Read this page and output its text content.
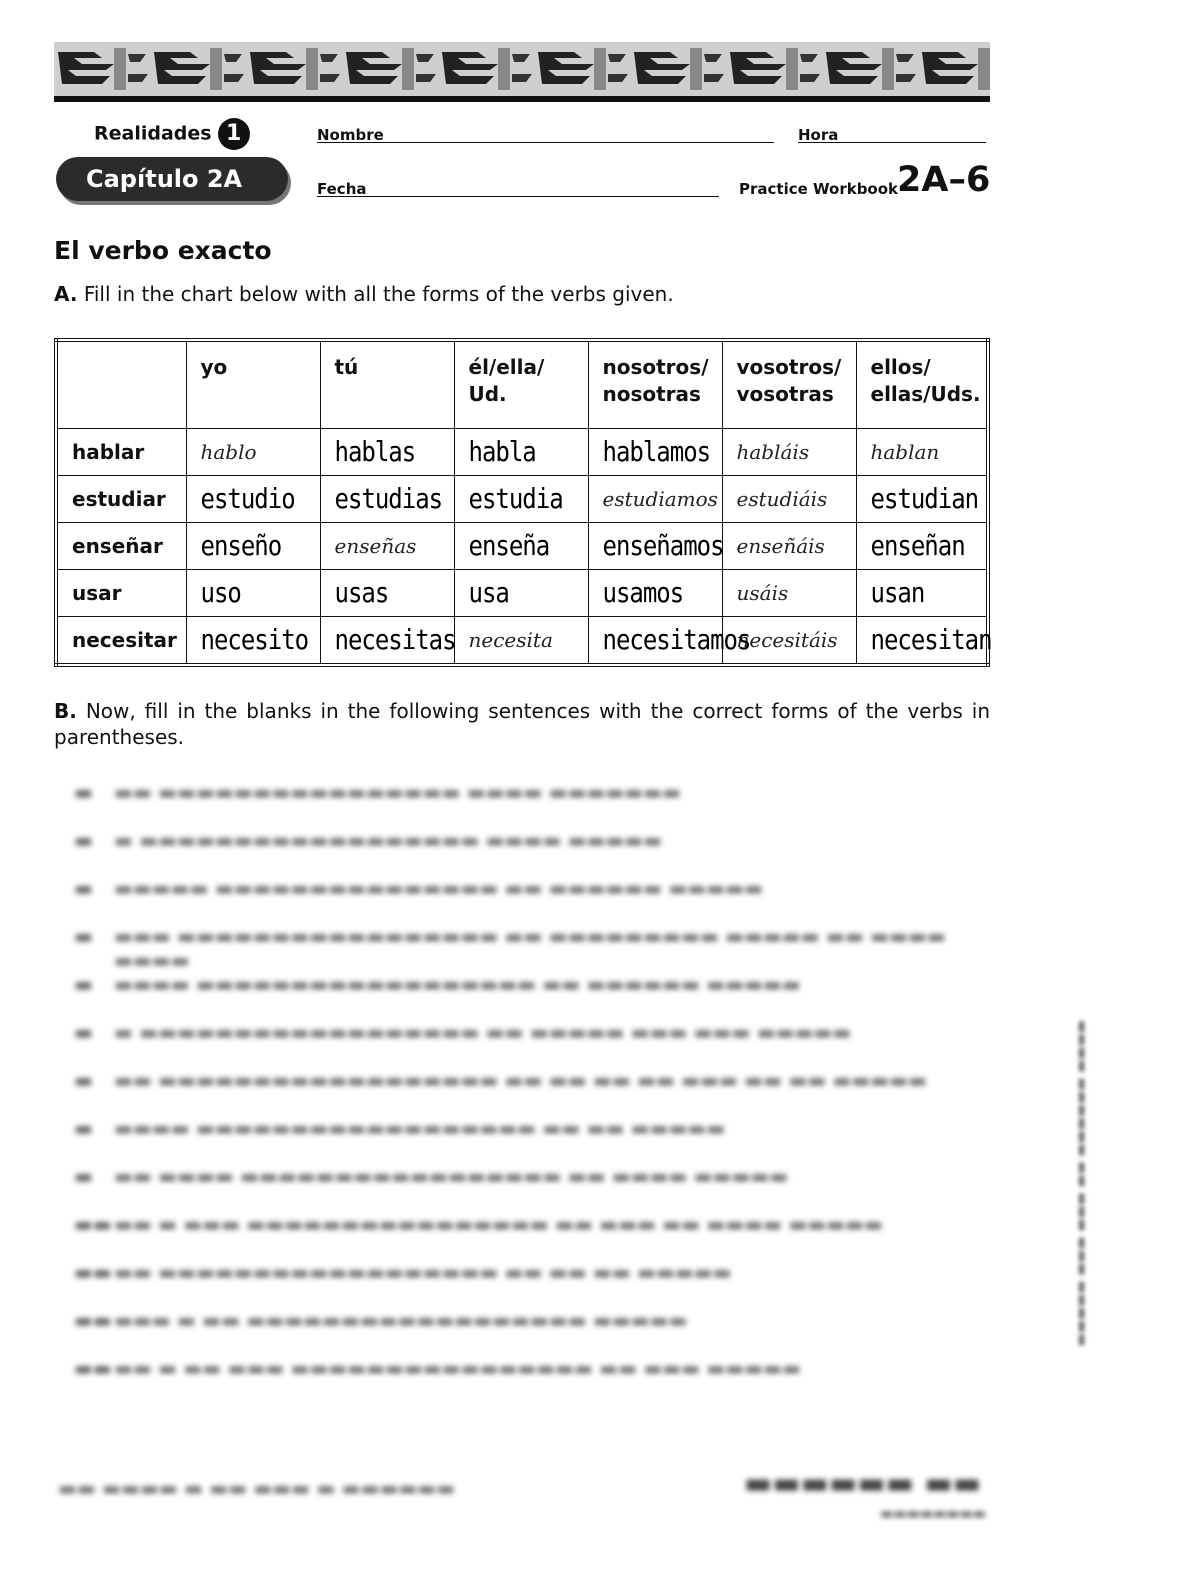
Realidades 1
Capítulo 2A
Nombre	Hora
Fecha	Practice Workbook
2A–6
El verbo exacto

A. Fill in the chart below with all the forms of the verbs given.

	yo	tú	él/ella/ Ud.	nosotros/ nosotras	vosotros/ vosotras	ellos/ ellas/Uds.
hablar	hablo	hablas	habla	hablamos	habláis	hablan
estudiar	estudio	estudias	estudia	estudiamos	estudiáis	estudian
enseñar	enseño	enseñas	enseña	enseñamos	enseñáis	enseñan
usar	uso	usas	usa	usamos	usáis	usan
necesitar	necesito	necesitas	necesita	necesitamos	necesitáis	necesitan

B. Now, fill in the blanks in the following sentences with the correct forms of the verbs in parentheses.

▬ ▬▬ ▬▬▬▬▬▬▬▬▬▬▬▬▬▬▬▬ ▬▬▬▬ ▬▬▬▬▬▬▬
▬ ▬ ▬▬▬▬▬▬▬▬▬▬▬▬▬▬▬▬▬▬ ▬▬▬▬ ▬▬▬▬▬
▬ ▬▬▬▬▬ ▬▬▬▬▬▬▬▬▬▬▬▬▬▬▬ ▬▬ ▬▬▬▬▬▬ ▬▬▬▬▬
▬ ▬▬▬ ▬▬▬▬▬▬▬▬▬▬▬▬▬▬▬▬▬ ▬▬ ▬▬▬▬▬▬▬▬▬ ▬▬▬▬▬ ▬▬ ▬▬▬▬ ▬▬▬▬
▬ ▬▬▬▬ ▬▬▬▬▬▬▬▬▬▬▬▬▬▬▬▬▬▬ ▬▬ ▬▬▬▬▬▬ ▬▬▬▬▬
▬ ▬ ▬▬▬▬▬▬▬▬▬▬▬▬▬▬▬▬▬▬ ▬▬ ▬▬▬▬▬ ▬▬▬ ▬▬▬ ▬▬▬▬▬
▬ ▬▬ ▬▬▬▬▬▬▬▬▬▬▬▬▬▬▬▬▬▬ ▬▬ ▬▬ ▬▬ ▬▬ ▬▬▬ ▬▬ ▬▬ ▬▬▬▬▬
▬ ▬▬▬▬ ▬▬▬▬▬▬▬▬▬▬▬▬▬▬▬▬▬▬ ▬▬ ▬▬ ▬▬▬▬▬
▬ ▬▬ ▬▬▬▬ ▬▬▬▬▬▬▬▬▬▬▬▬▬▬▬▬▬ ▬▬ ▬▬▬▬ ▬▬▬▬▬
▬▬ ▬▬ ▬ ▬▬▬ ▬▬▬▬▬▬▬▬▬▬▬▬▬▬▬▬ ▬▬ ▬▬▬ ▬▬ ▬▬▬▬ ▬▬▬▬▬
▬▬ ▬▬ ▬▬▬▬▬▬▬▬▬▬▬▬▬▬▬▬▬▬ ▬▬ ▬▬ ▬▬ ▬▬▬▬▬
▬▬ ▬▬▬ ▬ ▬▬ ▬▬▬▬▬▬▬▬▬▬▬▬▬▬▬▬▬▬ ▬▬▬▬▬
▬▬ ▬▬ ▬ ▬▬ ▬▬▬ ▬▬▬▬▬▬▬▬▬▬▬▬▬▬▬▬ ▬▬ ▬▬▬ ▬▬▬▬▬
▬▬▬▬ ▬▬▬▬▬▬ ▬▬ ▬▬▬ ▬▬▬ ▬▬▬▬▬
▬▬ ▬▬▬▬ ▬ ▬▬ ▬▬▬ ▬ ▬▬▬▬▬▬	▬▬▬▬▬▬ ▬▬
▬▬▬▬▬▬▬▬
